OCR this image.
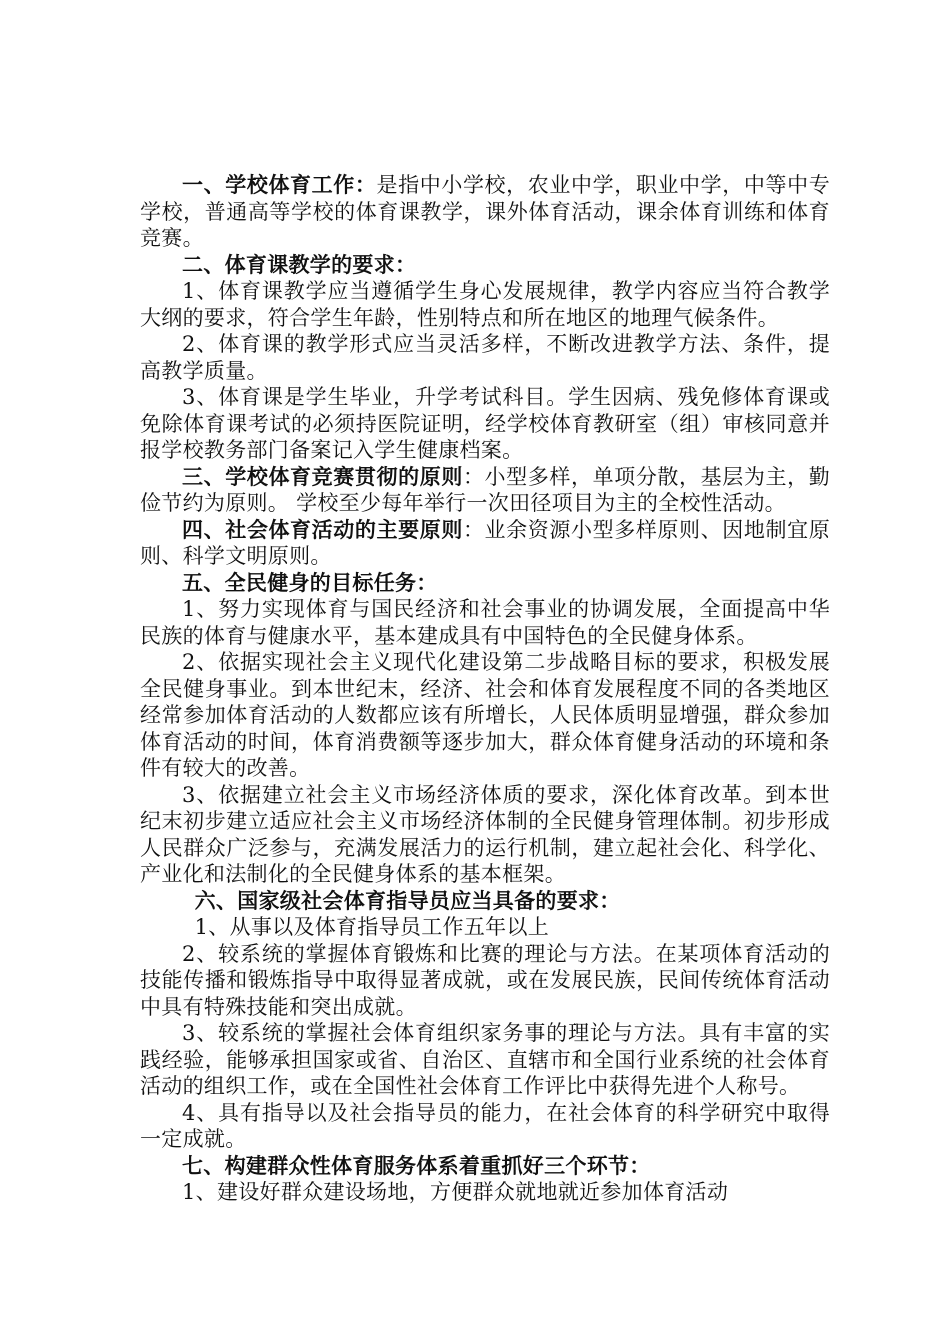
一、学校体育工作：是指中小学校，农业中学，职业中学，中等中专学校，普通高等学校的体育课教学，课外体育活动，课余体育训练和体育竞赛。

二、体育课教学的要求：

1、体育课教学应当遵循学生身心发展规律，教学内容应当符合教学大纲的要求，符合学生年龄，性别特点和所在地区的地理气候条件。

2、体育课的教学形式应当灵活多样，不断改进教学方法、条件，提高教学质量。

3、体育课是学生毕业，升学考试科目。学生因病、残免修体育课或免除体育课考试的必须持医院证明，经学校体育教研室（组）审核同意并报学校教务部门备案记入学生健康档案。

三、学校体育竞赛贯彻的原则：小型多样，单项分散，基层为主，勤俭节约为原则。 学校至少每年举行一次田径项目为主的全校性活动。

四、社会体育活动的主要原则：业余资源小型多样原则、因地制宜原则、科学文明原则。

五、全民健身的目标任务：

1、努力实现体育与国民经济和社会事业的协调发展，全面提高中华民族的体育与健康水平，基本建成具有中国特色的全民健身体系。

2、依据实现社会主义现代化建设第二步战略目标的要求，积极发展全民健身事业。到本世纪末，经济、社会和体育发展程度不同的各类地区经常参加体育活动的人数都应该有所增长，人民体质明显增强，群众参加体育活动的时间，体育消费额等逐步加大，群众体育健身活动的环境和条件有较大的改善。

3、依据建立社会主义市场经济体质的要求，深化体育改革。到本世纪末初步建立适应社会主义市场经济体制的全民健身管理体制。初步形成人民群众广泛参与，充满发展活力的运行机制，建立起社会化、科学化、产业化和法制化的全民健身体系的基本框架。

六、国家级社会体育指导员应当具备的要求：

1、从事以及体育指导员工作五年以上

2、较系统的掌握体育锻炼和比赛的理论与方法。在某项体育活动的技能传播和锻炼指导中取得显著成就，或在发展民族，民间传统体育活动中具有特殊技能和突出成就。

3、较系统的掌握社会体育组织家务事的理论与方法。具有丰富的实践经验，能够承担国家或省、自治区、直辖市和全国行业系统的社会体育活动的组织工作，或在全国性社会体育工作评比中获得先进个人称号。

4、具有指导以及社会指导员的能力，在社会体育的科学研究中取得一定成就。

七、构建群众性体育服务体系着重抓好三个环节：

1、建设好群众建设场地，方便群众就地就近参加体育活动
